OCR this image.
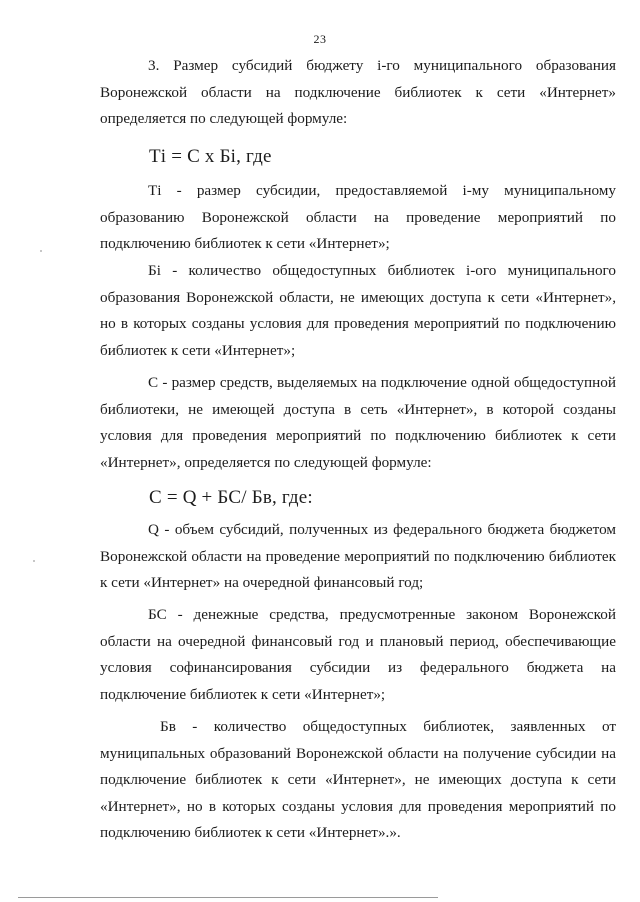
23

3. Размер субсидий бюджету i-го муниципального образования Воронежской области на подключение библиотек к сети «Интернет» определяется по следующей формуле:

Тi = С х Бi, где

Тi - размер субсидии, предоставляемой i-му муниципальному образованию Воронежской области на проведение мероприятий по подключению библиотек к сети «Интернет»;

Бi - количество общедоступных библиотек i-ого муниципального образования Воронежской области, не имеющих доступа к сети «Интернет», но в которых созданы условия для проведения мероприятий по подключению библиотек к сети «Интернет»;

С - размер средств, выделяемых на подключение одной общедоступной библиотеки, не имеющей доступа в сеть «Интернет», в которой созданы условия для проведения мероприятий по подключению библиотек к сети «Интернет», определяется по следующей формуле:

С = Q + БС/ Бв, где:

Q - объем субсидий, полученных из федерального бюджета бюджетом Воронежской области на проведение мероприятий по подключению библиотек к сети «Интернет» на очередной финансовый год;

БС - денежные средства, предусмотренные законом Воронежской области на очередной финансовый год и плановый период, обеспечивающие условия софинансирования субсидии из федерального бюджета на подключение библиотек к сети «Интернет»;

Бв - количество общедоступных библиотек, заявленных от муниципальных образований Воронежской области на получение субсидии на подключение библиотек к сети «Интернет», не имеющих доступа к сети «Интернет», но в которых созданы условия для проведения мероприятий по подключению библиотек к сети «Интернет».».
